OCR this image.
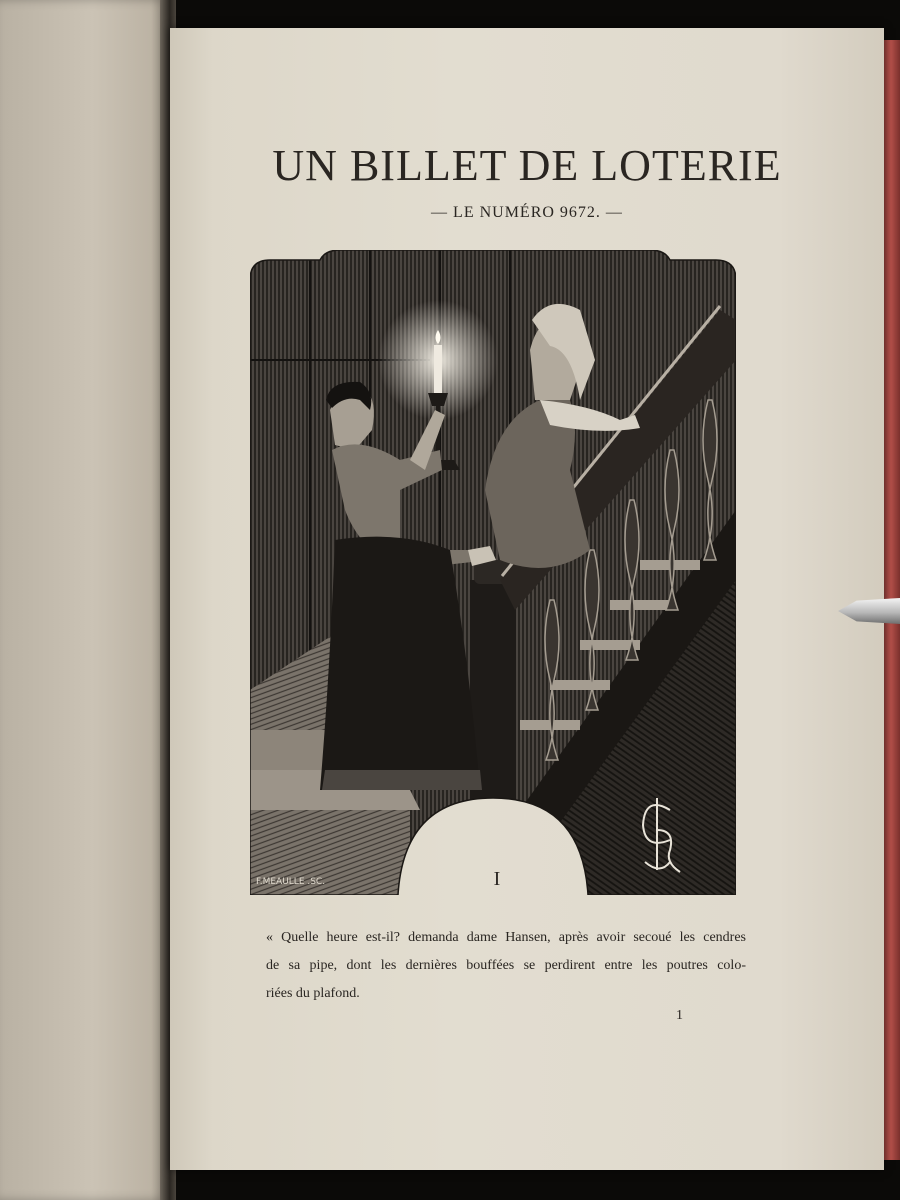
UN BILLET DE LOTERIE
— LE NUMÉRO 9672. —
F.MEAULLE .SC.	I

« Quelle heure est-il? demanda dame Hansen, après avoir secoué les cendres
de sa pipe, dont les dernières bouffées se perdirent entre les poutres colo-
riées du plafond.

1
